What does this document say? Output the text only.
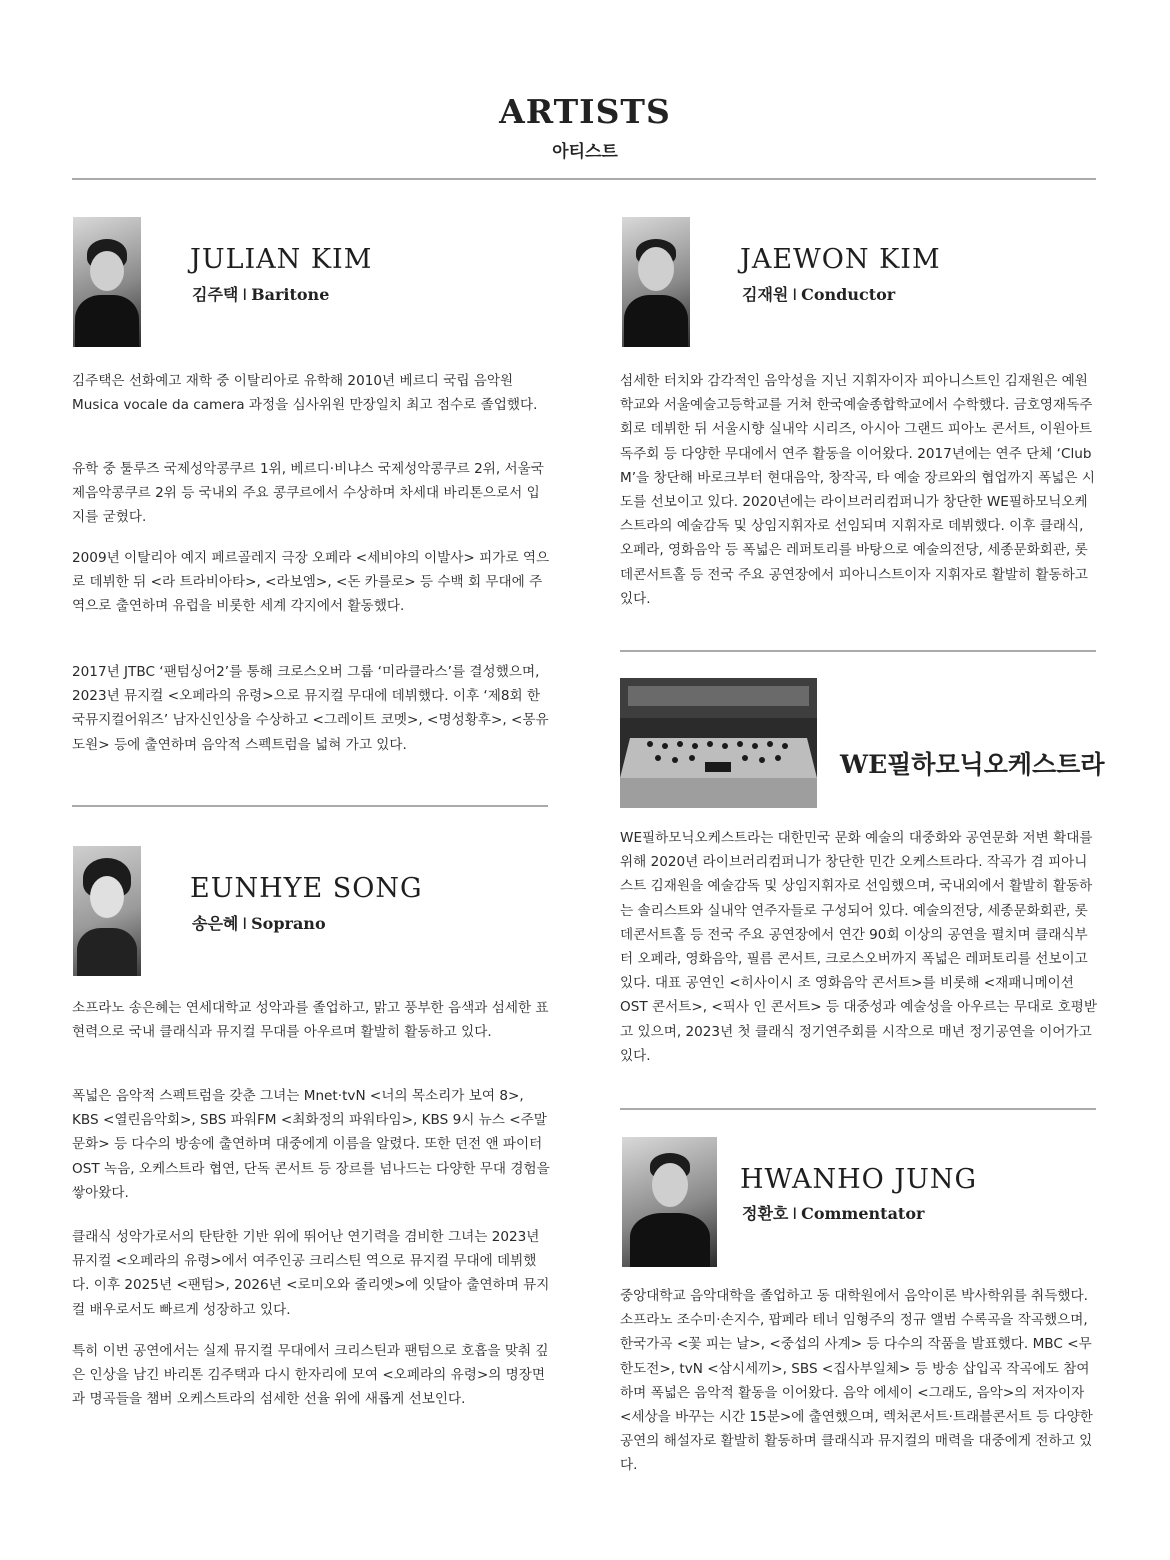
ARTISTS
아티스트
JULIAN KIM
김주택 I Baritone

김주택은 선화예고 재학 중 이탈리아로 유학해 2010년 베르디 국립 음악원 Musica vocale da camera 과정을 심사위원 만장일치 최고 점수로 졸업했다.

유학 중 툴루즈 국제성악콩쿠르 1위, 베르디·비냐스 국제성악콩쿠르 2위, 서울국제음악콩쿠르 2위 등 국내외 주요 콩쿠르에서 수상하며 차세대 바리톤으로서 입지를 굳혔다.

2009년 이탈리아 예지 페르골레지 극장 오페라 <세비야의 이발사> 피가로 역으로 데뷔한 뒤 <라 트라비아타>, <라보엠>, <돈 카를로> 등 수백 회 무대에 주역으로 출연하며 유럽을 비롯한 세계 각지에서 활동했다.

2017년 JTBC ‘팬텀싱어2’를 통해 크로스오버 그룹 ‘미라클라스’를 결성했으며, 2023년 뮤지컬 <오페라의 유령>으로 뮤지컬 무대에 데뷔했다. 이후 ‘제8회 한국뮤지컬어워즈’ 남자신인상을 수상하고 <그레이트 코멧>, <명성황후>, <몽유도원> 등에 출연하며 음악적 스펙트럼을 넓혀 가고 있다.

EUNHYE SONG
송은혜 I Soprano

소프라노 송은혜는 연세대학교 성악과를 졸업하고, 맑고 풍부한 음색과 섬세한 표현력으로 국내 클래식과 뮤지컬 무대를 아우르며 활발히 활동하고 있다.

폭넓은 음악적 스펙트럼을 갖춘 그녀는 Mnet·tvN <너의 목소리가 보여 8>, KBS <열린음악회>, SBS 파워FM <최화정의 파워타임>, KBS 9시 뉴스 <주말 문화> 등 다수의 방송에 출연하며 대중에게 이름을 알렸다. 또한 던전 앤 파이터 OST 녹음, 오케스트라 협연, 단독 콘서트 등 장르를 넘나드는 다양한 무대 경험을 쌓아왔다.

클래식 성악가로서의 탄탄한 기반 위에 뛰어난 연기력을 겸비한 그녀는 2023년 뮤지컬 <오페라의 유령>에서 여주인공 크리스틴 역으로 뮤지컬 무대에 데뷔했다. 이후 2025년 <팬텀>, 2026년 <로미오와 줄리엣>에 잇달아 출연하며 뮤지컬 배우로서도 빠르게 성장하고 있다.

특히 이번 공연에서는 실제 뮤지컬 무대에서 크리스틴과 팬텀으로 호흡을 맞춰 깊은 인상을 남긴 바리톤 김주택과 다시 한자리에 모여 <오페라의 유령>의 명장면과 명곡들을 챔버 오케스트라의 섬세한 선율 위에 새롭게 선보인다.

JAEWON KIM
김재원 I Conductor

섬세한 터치와 감각적인 음악성을 지닌 지휘자이자 피아니스트인 김재원은 예원학교와 서울예술고등학교를 거쳐 한국예술종합학교에서 수학했다. 금호영재독주회로 데뷔한 뒤 서울시향 실내악 시리즈, 아시아 그랜드 피아노 콘서트, 이원아트 독주회 등 다양한 무대에서 연주 활동을 이어왔다. 2017년에는 연주 단체 ‘Club M’을 창단해 바로크부터 현대음악, 창작곡, 타 예술 장르와의 협업까지 폭넓은 시도를 선보이고 있다. 2020년에는 라이브러리컴퍼니가 창단한 WE필하모닉오케스트라의 예술감독 및 상임지휘자로 선임되며 지휘자로 데뷔했다. 이후 클래식, 오페라, 영화음악 등 폭넓은 레퍼토리를 바탕으로 예술의전당, 세종문화회관, 롯데콘서트홀 등 전국 주요 공연장에서 피아니스트이자 지휘자로 활발히 활동하고 있다.

WE필하모닉오케스트라

WE필하모닉오케스트라는 대한민국 문화 예술의 대중화와 공연문화 저변 확대를 위해 2020년 라이브러리컴퍼니가 창단한 민간 오케스트라다. 작곡가 겸 피아니스트 김재원을 예술감독 및 상임지휘자로 선임했으며, 국내외에서 활발히 활동하는 솔리스트와 실내악 연주자들로 구성되어 있다. 예술의전당, 세종문화회관, 롯데콘서트홀 등 전국 주요 공연장에서 연간 90회 이상의 공연을 펼치며 클래식부터 오페라, 영화음악, 필름 콘서트, 크로스오버까지 폭넓은 레퍼토리를 선보이고 있다. 대표 공연인 <히사이시 조 영화음악 콘서트>를 비롯해 <재패니메이션 OST 콘서트>, <픽사 인 콘서트> 등 대중성과 예술성을 아우르는 무대로 호평받고 있으며, 2023년 첫 클래식 정기연주회를 시작으로 매년 정기공연을 이어가고 있다.

HWANHO JUNG
정환호 I Commentator

중앙대학교 음악대학을 졸업하고 동 대학원에서 음악이론 박사학위를 취득했다. 소프라노 조수미·손지수, 팝페라 테너 임형주의 정규 앨범 수록곡을 작곡했으며, 한국가곡 <꽃 피는 날>, <중섭의 사계> 등 다수의 작품을 발표했다. MBC <무한도전>, tvN <삼시세끼>, SBS <집사부일체> 등 방송 삽입곡 작곡에도 참여하며 폭넓은 음악적 활동을 이어왔다. 음악 에세이 <그래도, 음악>의 저자이자 <세상을 바꾸는 시간 15분>에 출연했으며, 렉처콘서트·트래블콘서트 등 다양한 공연의 해설자로 활발히 활동하며 클래식과 뮤지컬의 매력을 대중에게 전하고 있다.
